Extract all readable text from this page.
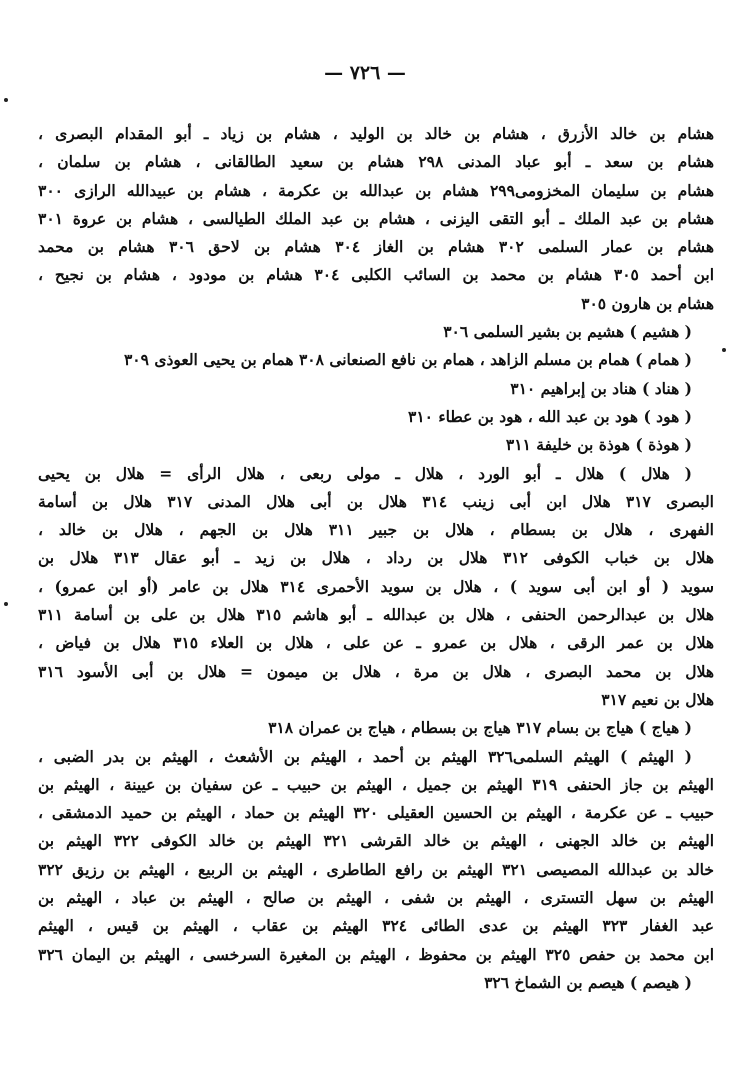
— ٧٢٦ —
هشام بن خالد الأزرق ، هشام بن خالد بن الوليد ، هشام بن زياد ـ أبو المقدام البصرى ،
هشام بن سعد ـ أبو عباد المدنى ٢٩٨ هشام بن سعيد الطالقانى ، هشام بن سلمان ،
هشام بن سليمان المخزومى٢٩٩ هشام بن عبدالله بن عكرمة ، هشام بن عبيدالله الرازى ٣٠٠
هشام بن عبد الملك ـ أبو التقى اليزنى ، هشام بن عبد الملك الطيالسى ، هشام بن عروة ٣٠١
هشام بن عمار السلمى ٣٠٢ هشام بن الغاز ٣٠٤ هشام بن لاحق ٣٠٦ هشام بن محمد
ابن أحمد ٣٠٥ هشام بن محمد بن السائب الكلبى ٣٠٤ هشام بن مودود ، هشام بن نجيح ،
هشام بن هارون ٣٠٥
( هشيم ) هشيم بن بشير السلمى ٣٠٦
( همام ) همام بن مسلم الزاهد ، همام بن نافع الصنعانى ٣٠٨ همام بن يحيى العوذى ٣٠٩
( هناد ) هناد بن إبراهيم ٣١٠
( هود ) هود بن عبد الله ، هود بن عطاء ٣١٠
( هوذة ) هوذة بن خليفة ٣١١
( هلال ) هلال ـ أبو الورد ، هلال ـ مولى ربعى ، هلال الرأى = هلال بن يحيى
البصرى ٣١٧ هلال ابن أبى زينب ٣١٤ هلال بن أبى هلال المدنى ٣١٧ هلال بن أسامة
الفهرى ، هلال بن بسطام ، هلال بن جبير ٣١١ هلال بن الجهم ، هلال بن خالد ،
هلال بن خباب الكوفى ٣١٢ هلال بن رداد ، هلال بن زيد ـ أبو عقال ٣١٣ هلال بن
سويد ( أو ابن أبى سويد ) ، هلال بن سويد الأحمرى ٣١٤ هلال بن عامر (أو ابن عمرو) ،
هلال بن عبدالرحمن الحنفى ، هلال بن عبدالله ـ أبو هاشم ٣١٥ هلال بن على بن أسامة ٣١١
هلال بن عمر الرقى ، هلال بن عمرو ـ عن على ، هلال بن العلاء ٣١٥ هلال بن فياض ،
هلال بن محمد البصرى ، هلال بن مرة ، هلال بن ميمون = هلال بن أبى الأسود ٣١٦
هلال بن نعيم ٣١٧
( هياج ) هياج بن بسام ٣١٧ هياج بن بسطام ، هياج بن عمران ٣١٨
( الهيثم ) الهيثم السلمى٣٢٦ الهيثم بن أحمد ، الهيثم بن الأشعث ، الهيثم بن بدر الضبى ،
الهيثم بن جاز الحنفى ٣١٩ الهيثم بن جميل ، الهيثم بن حبيب ـ عن سفيان بن عيينة ، الهيثم بن
حبيب ـ عن عكرمة ، الهيثم بن الحسين العقيلى ٣٢٠ الهيثم بن حماد ، الهيثم بن حميد الدمشقى ،
الهيثم بن خالد الجهنى ، الهيثم بن خالد القرشى ٣٢١ الهيثم بن خالد الكوفى ٣٢٢ الهيثم بن
خالد بن عبدالله المصيصى ٣٢١ الهيثم بن رافع الطاطرى ، الهيثم بن الربيع ، الهيثم بن رزيق ٣٢٢
الهيثم بن سهل التسترى ، الهيثم بن شفى ، الهيثم بن صالح ، الهيثم بن عباد ، الهيثم بن
عبد الغفار ٣٢٣ الهيثم بن عدى الطائى ٣٢٤ الهيثم بن عقاب ، الهيثم بن قيس ، الهيثم
ابن محمد بن حفص ٣٢٥ الهيثم بن محفوظ ، الهيثم بن المغيرة السرخسى ، الهيثم بن اليمان ٣٢٦
( هيصم ) هيصم بن الشماخ ٣٢٦
